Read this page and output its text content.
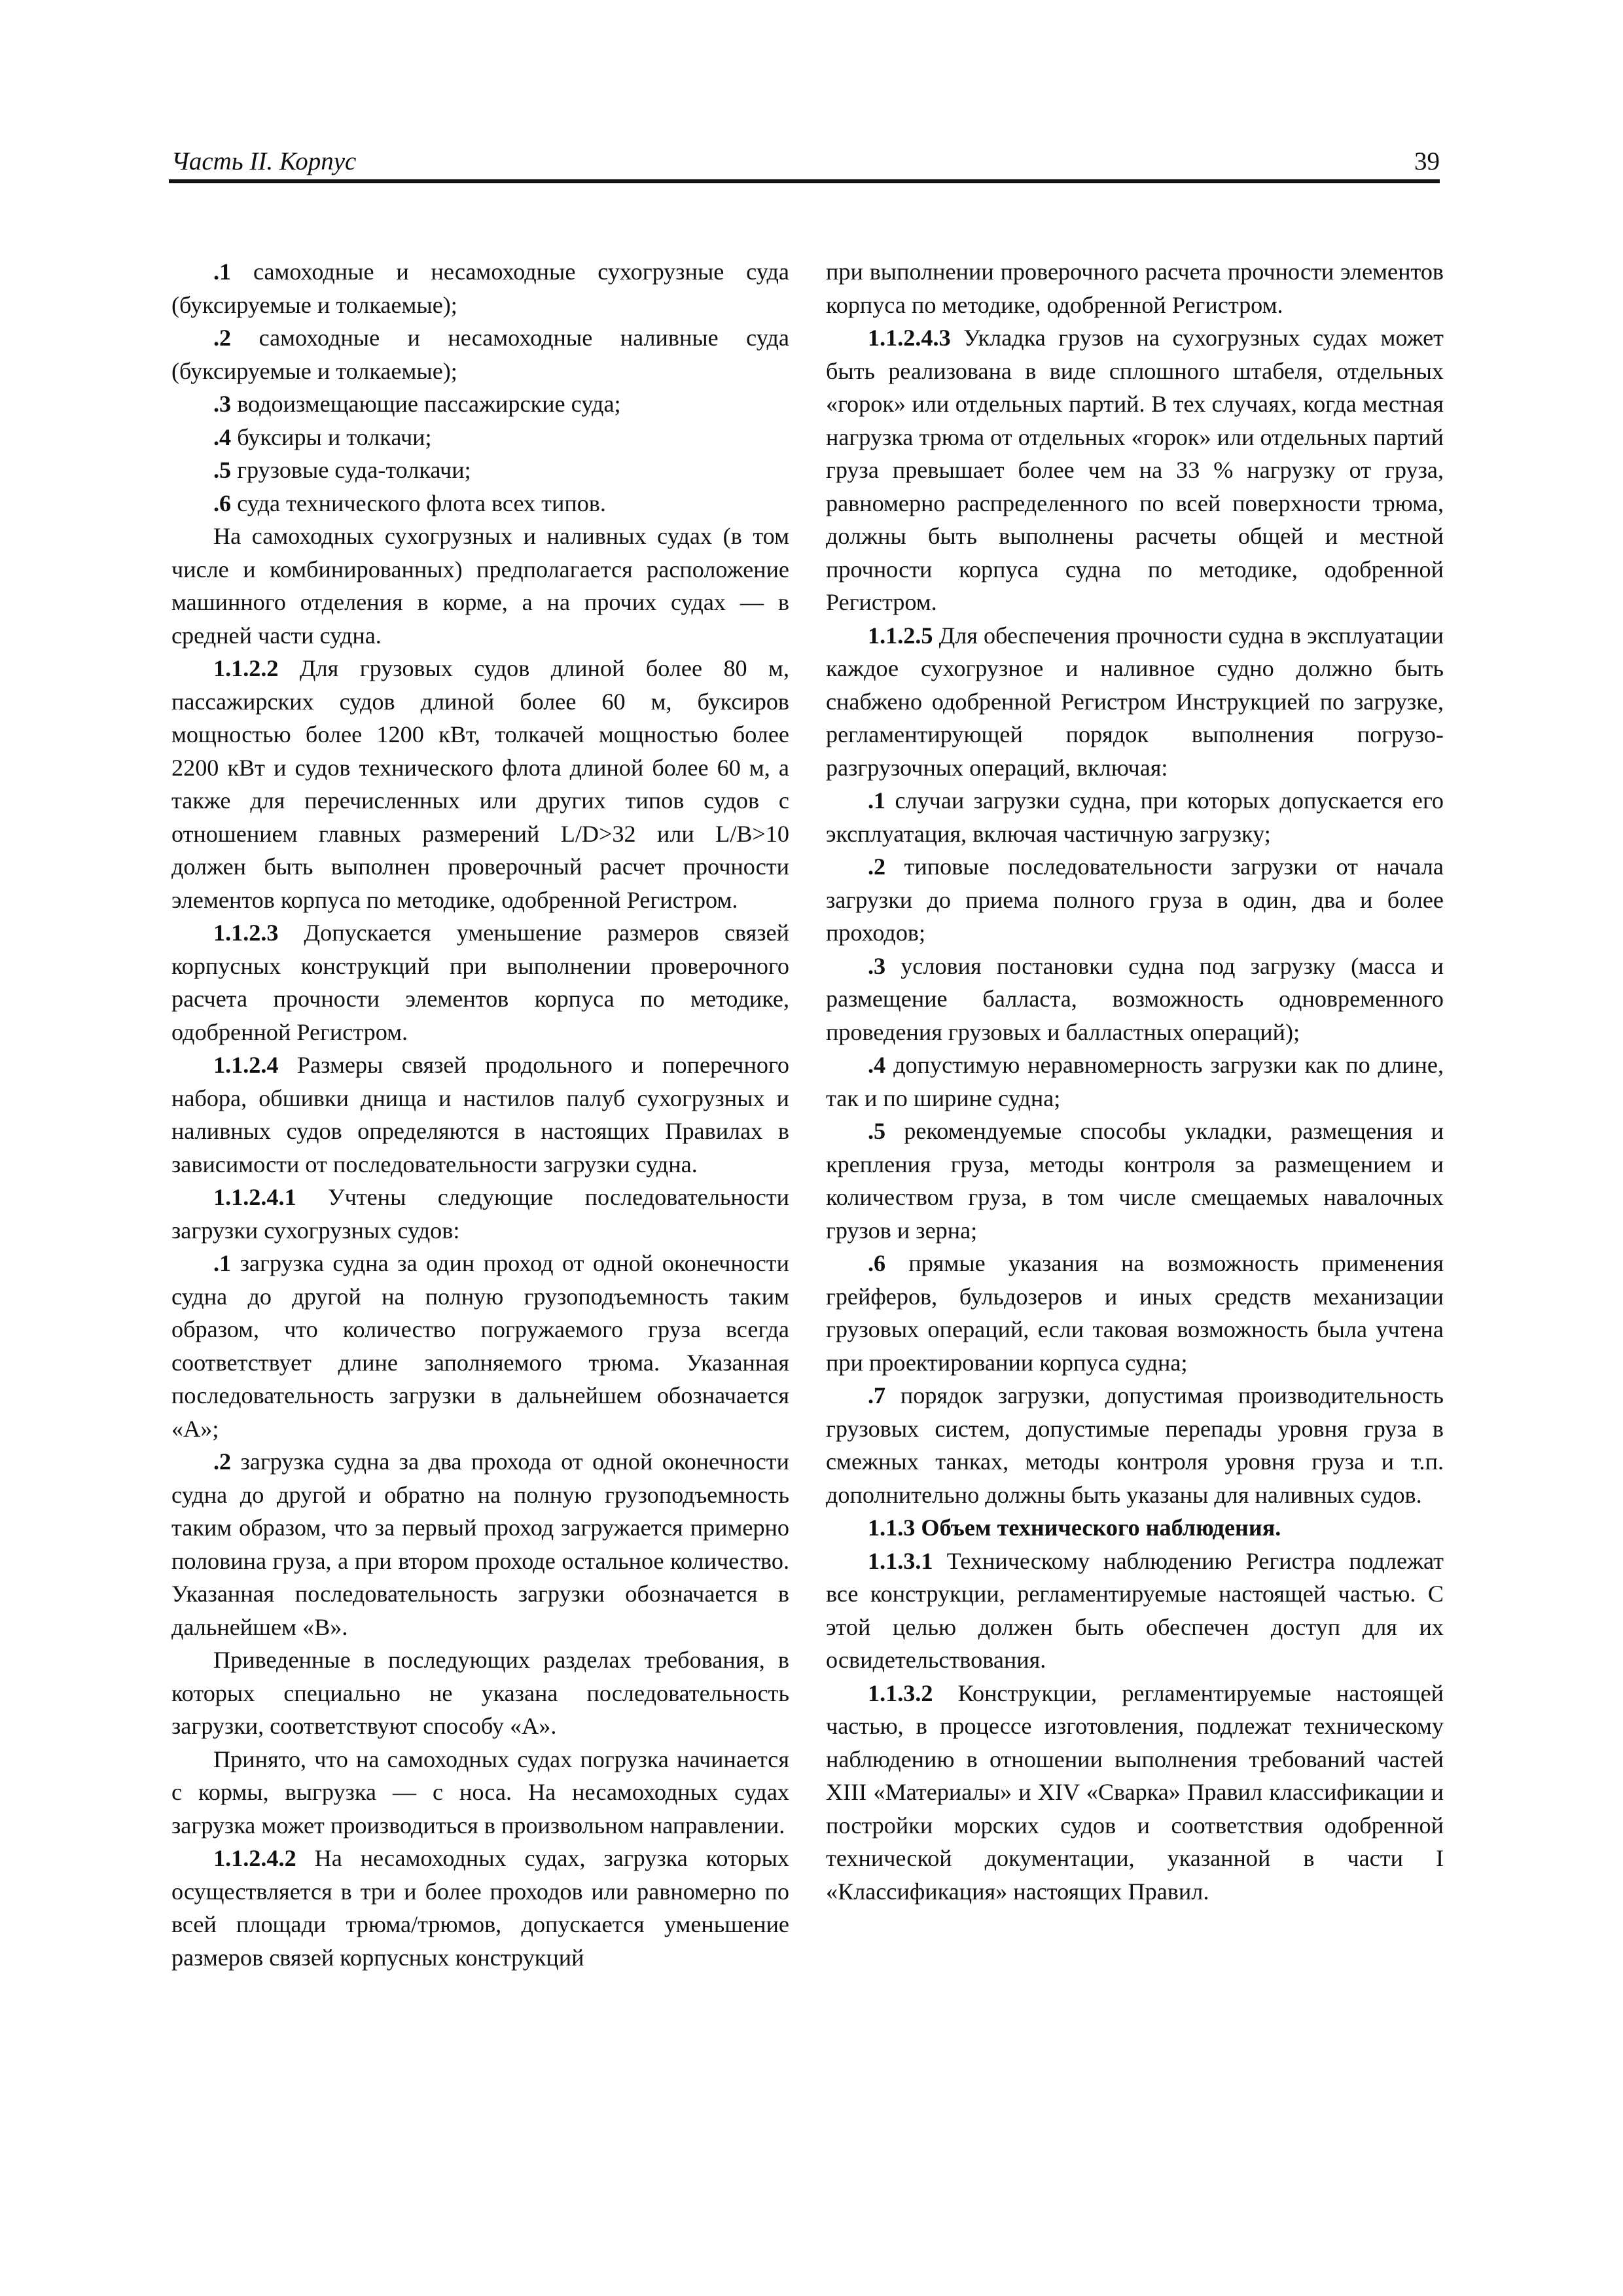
Часть II. Корпус	39

.1 самоходные и несамоходные сухогрузные суда (буксируемые и толкаемые);

.2 самоходные и несамоходные наливные суда (буксируемые и толкаемые);

.3 водоизмещающие пассажирские суда;

.4 буксиры и толкачи;

.5 грузовые суда-толкачи;

.6 суда технического флота всех типов.

На самоходных сухогрузных и наливных судах (в том числе и комбинированных) предполагается расположение машинного отделения в корме, а на прочих судах — в средней части судна.

1.1.2.2 Для грузовых судов длиной более 80 м, пассажирских судов длиной более 60 м, буксиров мощностью более 1200 кВт, толкачей мощностью более 2200 кВт и судов технического флота длиной более 60 м, а также для перечисленных или других типов судов с отношением главных размерений L/D>32 или L/B>10 должен быть выполнен проверочный расчет прочности элементов корпуса по методике, одобренной Регистром.

1.1.2.3 Допускается уменьшение размеров связей корпусных конструкций при выполнении проверочного расчета прочности элементов корпуса по методике, одобренной Регистром.

1.1.2.4 Размеры связей продольного и поперечного набора, обшивки днища и настилов палуб сухогрузных и наливных судов определяются в настоящих Правилах в зависимости от последовательности загрузки судна.

1.1.2.4.1 Учтены следующие последовательности загрузки сухогрузных судов:

.1 загрузка судна за один проход от одной оконечности судна до другой на полную грузоподъемность таким образом, что количество погружаемого груза всегда соответствует длине заполняемого трюма. Указанная последовательность загрузки в дальнейшем обозначается «А»;

.2 загрузка судна за два прохода от одной оконечности судна до другой и обратно на полную грузоподъемность таким образом, что за первый проход загружается примерно половина груза, а при втором проходе остальное количество. Указанная последовательность загрузки обозначается в дальнейшем «В».

Приведенные в последующих разделах требования, в которых специально не указана последовательность загрузки, соответствуют способу «А».

Принято, что на самоходных судах погрузка начинается с кормы, выгрузка — с носа. На несамоходных судах загрузка может производиться в произвольном направлении.

1.1.2.4.2 На несамоходных судах, загрузка которых осуществляется в три и более проходов или равномерно по всей площади трюма/трюмов, допускается уменьшение размеров связей корпусных конструкций

при выполнении проверочного расчета прочности элементов корпуса по методике, одобренной Регистром.

1.1.2.4.3 Укладка грузов на сухогрузных судах может быть реализована в виде сплошного штабеля, отдельных «горок» или отдельных партий. В тех случаях, когда местная нагрузка трюма от отдельных «горок» или отдельных партий груза превышает более чем на 33 % нагрузку от груза, равномерно распределенного по всей поверхности трюма, должны быть выполнены расчеты общей и местной прочности корпуса судна по методике, одобренной Регистром.

1.1.2.5 Для обеспечения прочности судна в эксплуатации каждое сухогрузное и наливное судно должно быть снабжено одобренной Регистром Инструкцией по загрузке, регламентирующей порядок выполнения погрузо-разгрузочных операций, включая:

.1 случаи загрузки судна, при которых допускается его эксплуатация, включая частичную загрузку;

.2 типовые последовательности загрузки от начала загрузки до приема полного груза в один, два и более проходов;

.3 условия постановки судна под загрузку (масса и размещение балласта, возможность одновременного проведения грузовых и балластных операций);

.4 допустимую неравномерность загрузки как по длине, так и по ширине судна;

.5 рекомендуемые способы укладки, размещения и крепления груза, методы контроля за размещением и количеством груза, в том числе смещаемых навалочных грузов и зерна;

.6 прямые указания на возможность применения грейферов, бульдозеров и иных средств механизации грузовых операций, если таковая возможность была учтена при проектировании корпуса судна;

.7 порядок загрузки, допустимая производительность грузовых систем, допустимые перепады уровня груза в смежных танках, методы контроля уровня груза и т.п. дополнительно должны быть указаны для наливных судов.

1.1.3 Объем технического наблюдения.

1.1.3.1 Техническому наблюдению Регистра подлежат все конструкции, регламентируемые настоящей частью. С этой целью должен быть обеспечен доступ для их освидетельствования.

1.1.3.2 Конструкции, регламентируемые настоящей частью, в процессе изготовления, подлежат техническому наблюдению в отношении выполнения требований частей XIII «Материалы» и XIV «Сварка» Правил классификации и постройки морских судов и соответствия одобренной технической документации, указанной в части I «Классификация» настоящих Правил.
